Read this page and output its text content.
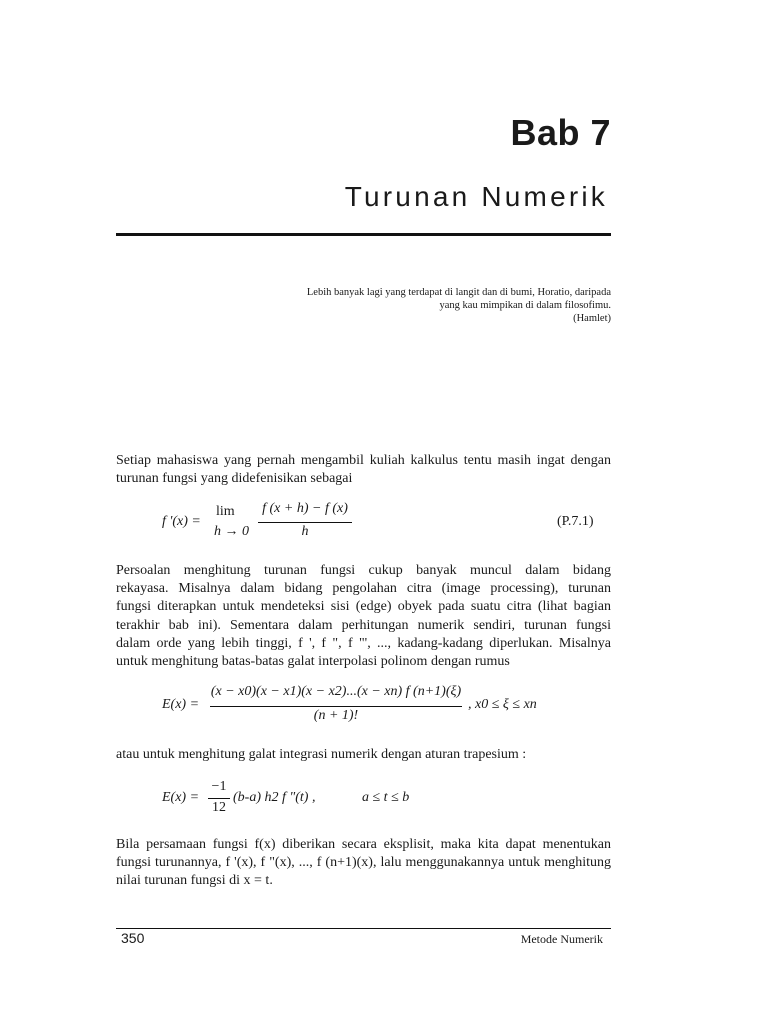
Bab 7
Turunan Numerik
Lebih banyak lagi yang terdapat di langit dan di bumi, Horatio, daripada
yang kau mimpikan di dalam filosofimu.
(Hamlet)
Setiap mahasiswa yang pernah mengambil kuliah kalkulus tentu masih ingat dengan
turunan fungsi yang didefenisikan sebagai
f '(x) =
lim
h → 0
f (x + h) − f (x)
h
(P.7.1)
Persoalan menghitung turunan fungsi cukup banyak muncul dalam bidang
rekayasa. Misalnya dalam bidang pengolahan citra (image processing), turunan
fungsi diterapkan untuk mendeteksi sisi (edge) obyek pada suatu citra (lihat bagian
terakhir bab ini). Sementara dalam perhitungan numerik sendiri, turunan fungsi
dalam orde yang lebih tinggi, f ', f ", f "', ..., kadang-kadang diperlukan. Misalnya
untuk menghitung batas-batas galat interpolasi polinom dengan rumus
E(x) =
(x − x0)(x − x1)(x − x2)...(x − xn) f (n+1)(ξ)
(n + 1)!
, x0 ≤ ξ ≤ xn
atau untuk menghitung galat integrasi numerik dengan aturan trapesium :
E(x) =
−1
12
(b-a) h2 f "(t) ,	a ≤ t ≤ b
Bila persamaan fungsi f(x) diberikan secara eksplisit, maka kita dapat menentukan
fungsi turunannya, f '(x), f "(x), ..., f (n+1)(x), lalu menggunakannya untuk menghitung
nilai turunan fungsi di x = t.
350	Metode Numerik
